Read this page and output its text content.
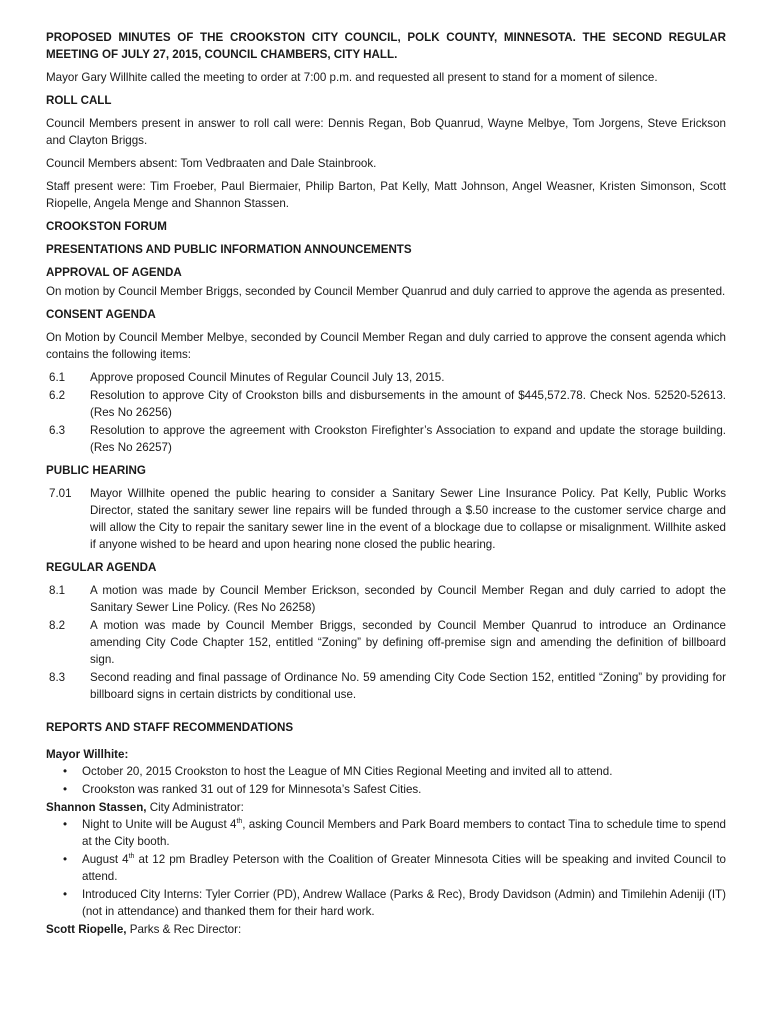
PROPOSED MINUTES OF THE CROOKSTON CITY COUNCIL, POLK COUNTY, MINNESOTA. THE SECOND REGULAR MEETING OF JULY 27, 2015, COUNCIL CHAMBERS, CITY HALL.

Mayor Gary Willhite called the meeting to order at 7:00 p.m. and requested all present to stand for a moment of silence.

ROLL CALL

Council Members present in answer to roll call were: Dennis Regan, Bob Quanrud, Wayne Melbye, Tom Jorgens, Steve Erickson and Clayton Briggs.

Council Members absent: Tom Vedbraaten and Dale Stainbrook.

Staff present were: Tim Froeber, Paul Biermaier, Philip Barton, Pat Kelly, Matt Johnson, Angel Weasner, Kristen Simonson, Scott Riopelle, Angela Menge and Shannon Stassen.

CROOKSTON FORUM

PRESENTATIONS AND PUBLIC INFORMATION ANNOUNCEMENTS

APPROVAL OF AGENDA

On motion by Council Member Briggs, seconded by Council Member Quanrud and duly carried to approve the agenda as presented.

CONSENT AGENDA

On Motion by Council Member Melbye, seconded by Council Member Regan and duly carried to approve the consent agenda which contains the following items:

6.1	Approve proposed Council Minutes of Regular Council July 13, 2015.
6.2	Resolution to approve City of Crookston bills and disbursements in the amount of $445,572.78. Check Nos. 52520-52613. (Res No 26256)
6.3	Resolution to approve the agreement with Crookston Firefighter’s Association to expand and update the storage building. (Res No 26257)

PUBLIC HEARING

7.01	Mayor Willhite opened the public hearing to consider a Sanitary Sewer Line Insurance Policy. Pat Kelly, Public Works Director, stated the sanitary sewer line repairs will be funded through a $.50 increase to the customer service charge and will allow the City to repair the sanitary sewer line in the event of a blockage due to collapse or misalignment. Willhite asked if anyone wished to be heard and upon hearing none closed the public hearing.

REGULAR AGENDA

8.1	A motion was made by Council Member Erickson, seconded by Council Member Regan and duly carried to adopt the Sanitary Sewer Line Policy. (Res No 26258)
8.2	A motion was made by Council Member Briggs, seconded by Council Member Quanrud to introduce an Ordinance amending City Code Chapter 152, entitled “Zoning” by defining off-premise sign and amending the definition of billboard sign.
8.3	Second reading and final passage of Ordinance No. 59 amending City Code Section 152, entitled “Zoning” by providing for billboard signs in certain districts by conditional use.

REPORTS AND STAFF RECOMMENDATIONS

Mayor Willhite:

•	October 20, 2015 Crookston to host the League of MN Cities Regional Meeting and invited all to attend.
•	Crookston was ranked 31 out of 129 for Minnesota’s Safest Cities.

Shannon Stassen, City Administrator:

•	Night to Unite will be August 4th, asking Council Members and Park Board members to contact Tina to schedule time to spend at the City booth.
•	August 4th at 12 pm Bradley Peterson with the Coalition of Greater Minnesota Cities will be speaking and invited Council to attend.
•	Introduced City Interns: Tyler Corrier (PD), Andrew Wallace (Parks & Rec), Brody Davidson (Admin) and Timilehin Adeniji (IT) (not in attendance) and thanked them for their hard work.

Scott Riopelle, Parks & Rec Director:
